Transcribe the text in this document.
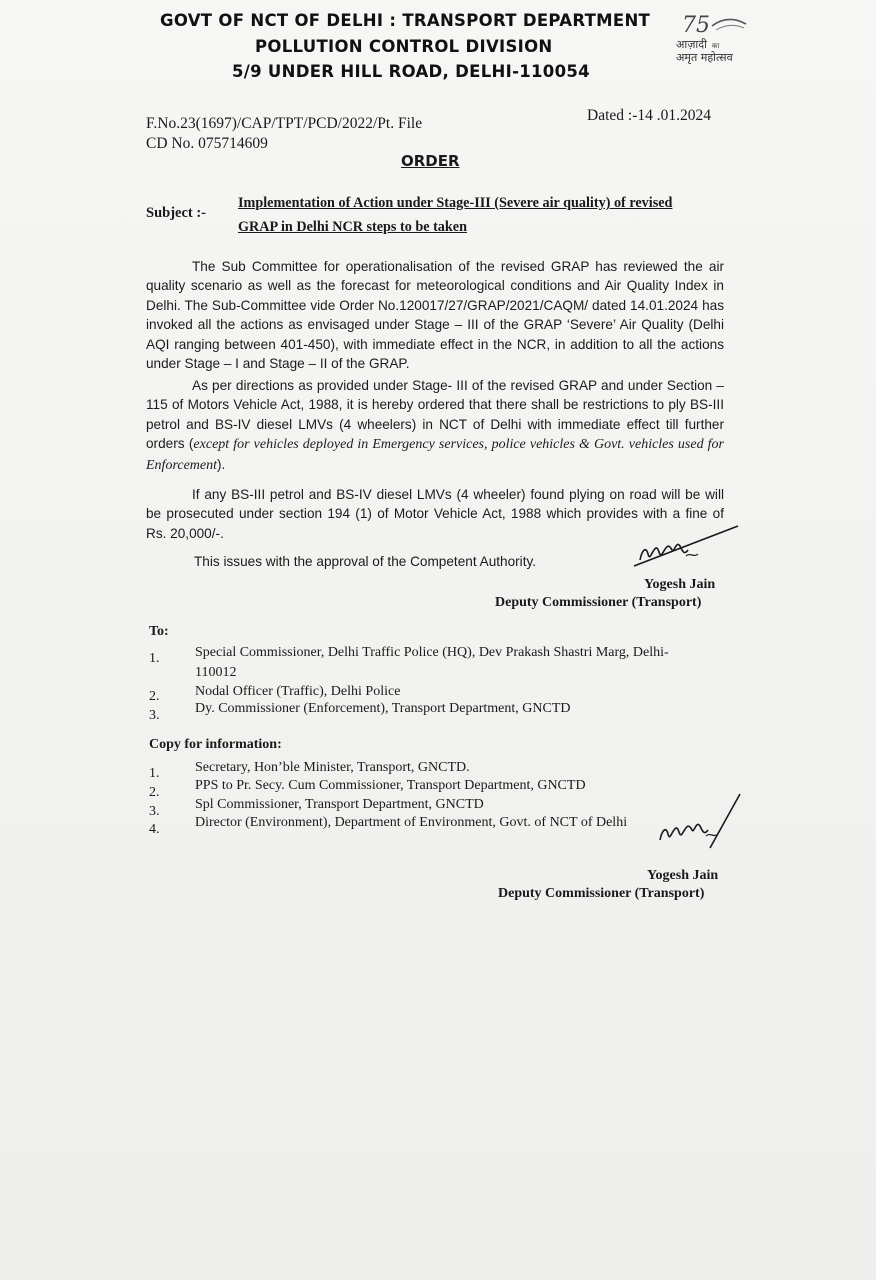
GOVT OF NCT OF DELHI : TRANSPORT DEPARTMENT
POLLUTION CONTROL DIVISION
5/9 UNDER HILL ROAD, DELHI-110054
75
आज़ादी का
अमृत महोत्सव
F.No.23(1697)/CAP/TPT/PCD/2022/Pt. File
CD No. 075714609
Dated :-14 .01.2024
ORDER
Subject :-
Implementation of Action under Stage-III (Severe air quality) of revised
GRAP in Delhi NCR steps to be taken
The Sub Committee for operationalisation of the revised GRAP has reviewed the air quality scenario as well as the forecast for meteorological conditions and Air Quality Index in Delhi. The Sub-Committee vide Order No.120017/27/GRAP/2021/CAQM/ dated 14.01.2024 has invoked all the actions as envisaged under Stage – III of the GRAP ‘Severe’ Air Quality (Delhi AQI ranging between 401-450), with immediate effect in the NCR, in addition to all the actions under Stage – I and Stage – II of the GRAP.
As per directions as provided under Stage- III of the revised GRAP and under Section – 115 of Motors Vehicle Act, 1988, it is hereby ordered that there shall be restrictions to ply BS-III petrol and BS-IV diesel LMVs (4 wheelers) in NCT of Delhi with immediate effect till further orders (except for vehicles deployed in Emergency services, police vehicles & Govt. vehicles used for Enforcement).
If any BS-III petrol and BS-IV diesel LMVs (4 wheeler) found plying on road will be will be prosecuted under section 194 (1) of Motor Vehicle Act, 1988 which provides with a fine of Rs. 20,000/-.
This issues with the approval of the Competent Authority.
Yogesh Jain
Deputy Commissioner (Transport)
To:
1.	Special Commissioner, Delhi Traffic Police (HQ), Dev Prakash Shastri Marg, Delhi-
110012
2.	Nodal Officer (Traffic), Delhi Police
3.	Dy. Commissioner (Enforcement), Transport Department, GNCTD
Copy for information:
1.	Secretary, Hon’ble Minister, Transport, GNCTD.
2.	PPS to Pr. Secy. Cum Commissioner, Transport Department, GNCTD
3.	Spl Commissioner, Transport Department, GNCTD
4.	Director (Environment), Department of Environment, Govt. of NCT of Delhi
Yogesh Jain
Deputy Commissioner (Transport)
